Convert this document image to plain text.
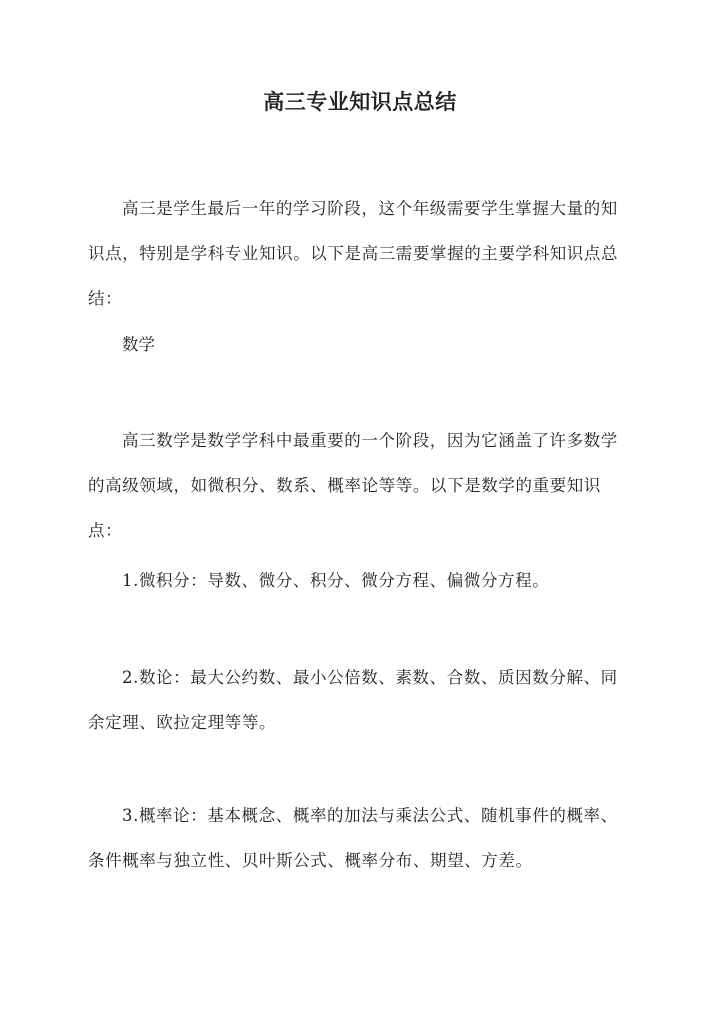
高三专业知识点总结

高三是学生最后一年的学习阶段，这个年级需要学生掌握大量的知识点，特别是学科专业知识。以下是高三需要掌握的主要学科知识点总结：

数学

高三数学是数学学科中最重要的一个阶段，因为它涵盖了许多数学的高级领域，如微积分、数系、概率论等等。以下是数学的重要知识点：

1.微积分：导数、微分、积分、微分方程、偏微分方程。

2.数论：最大公约数、最小公倍数、素数、合数、质因数分解、同余定理、欧拉定理等等。

3.概率论：基本概念、概率的加法与乘法公式、随机事件的概率、条件概率与独立性、贝叶斯公式、概率分布、期望、方差。
